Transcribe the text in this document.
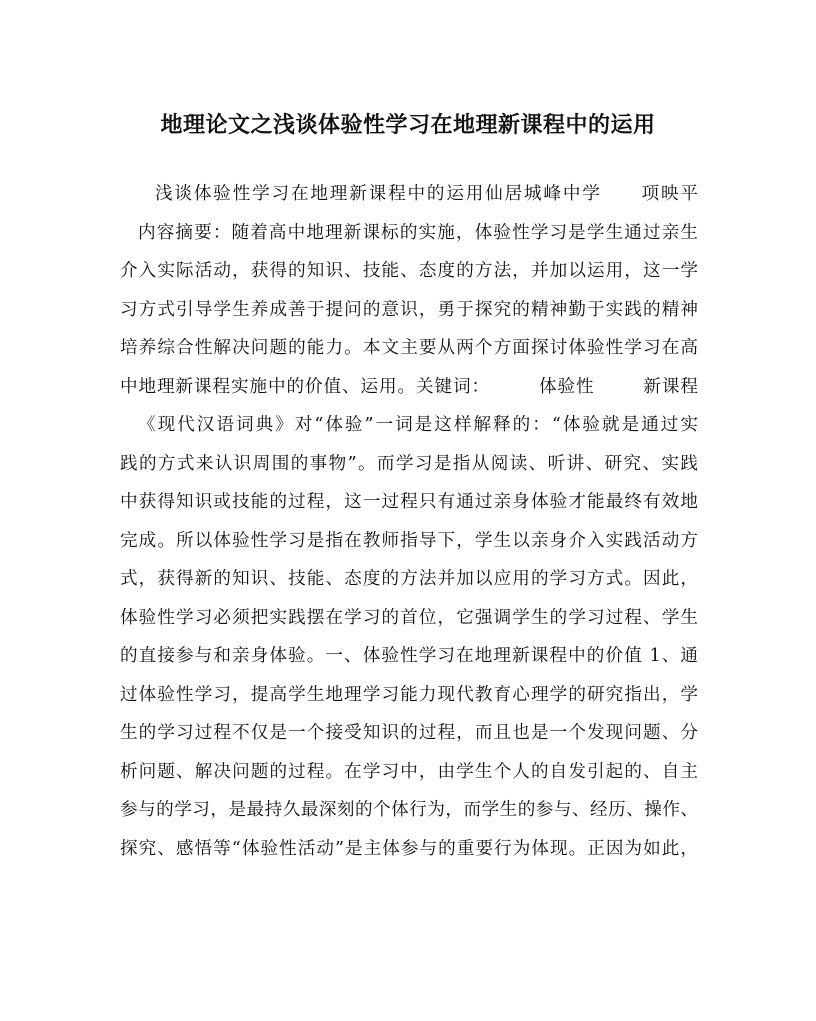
地理论文之浅谈体验性学习在地理新课程中的运用
浅谈体验性学习在地理新课程中的运用仙居城峰中学 项映平
内容摘要：随着高中地理新课标的实施，体验性学习是学生通过亲生
介入实际活动，获得的知识、技能、态度的方法，并加以运用，这一学
习方式引导学生养成善于提问的意识，勇于探究的精神勤于实践的精神
培养综合性解决问题的能力。本文主要从两个方面探讨体验性学习在高
中地理新课程实施中的价值、运用。关键词：	体验性	新课程
《现代汉语词典》对“体验”一词是这样解释的：“体验就是通过实
践的方式来认识周围的事物”。而学习是指从阅读、听讲、研究、实践
中获得知识或技能的过程，这一过程只有通过亲身体验才能最终有效地
完成。所以体验性学习是指在教师指导下，学生以亲身介入实践活动方
式，获得新的知识、技能、态度的方法并加以应用的学习方式。因此，
体验性学习必须把实践摆在学习的首位，它强调学生的学习过程、学生
的直接参与和亲身体验。一、体验性学习在地理新课程中的价值 1、通
过体验性学习，提高学生地理学习能力现代教育心理学的研究指出，学
生的学习过程不仅是一个接受知识的过程，而且也是一个发现问题、分
析问题、解决问题的过程。在学习中，由学生个人的自发引起的、自主
参与的学习，是最持久最深刻的个体行为，而学生的参与、经历、操作、
探究、感悟等“体验性活动”是主体参与的重要行为体现。正因为如此，
